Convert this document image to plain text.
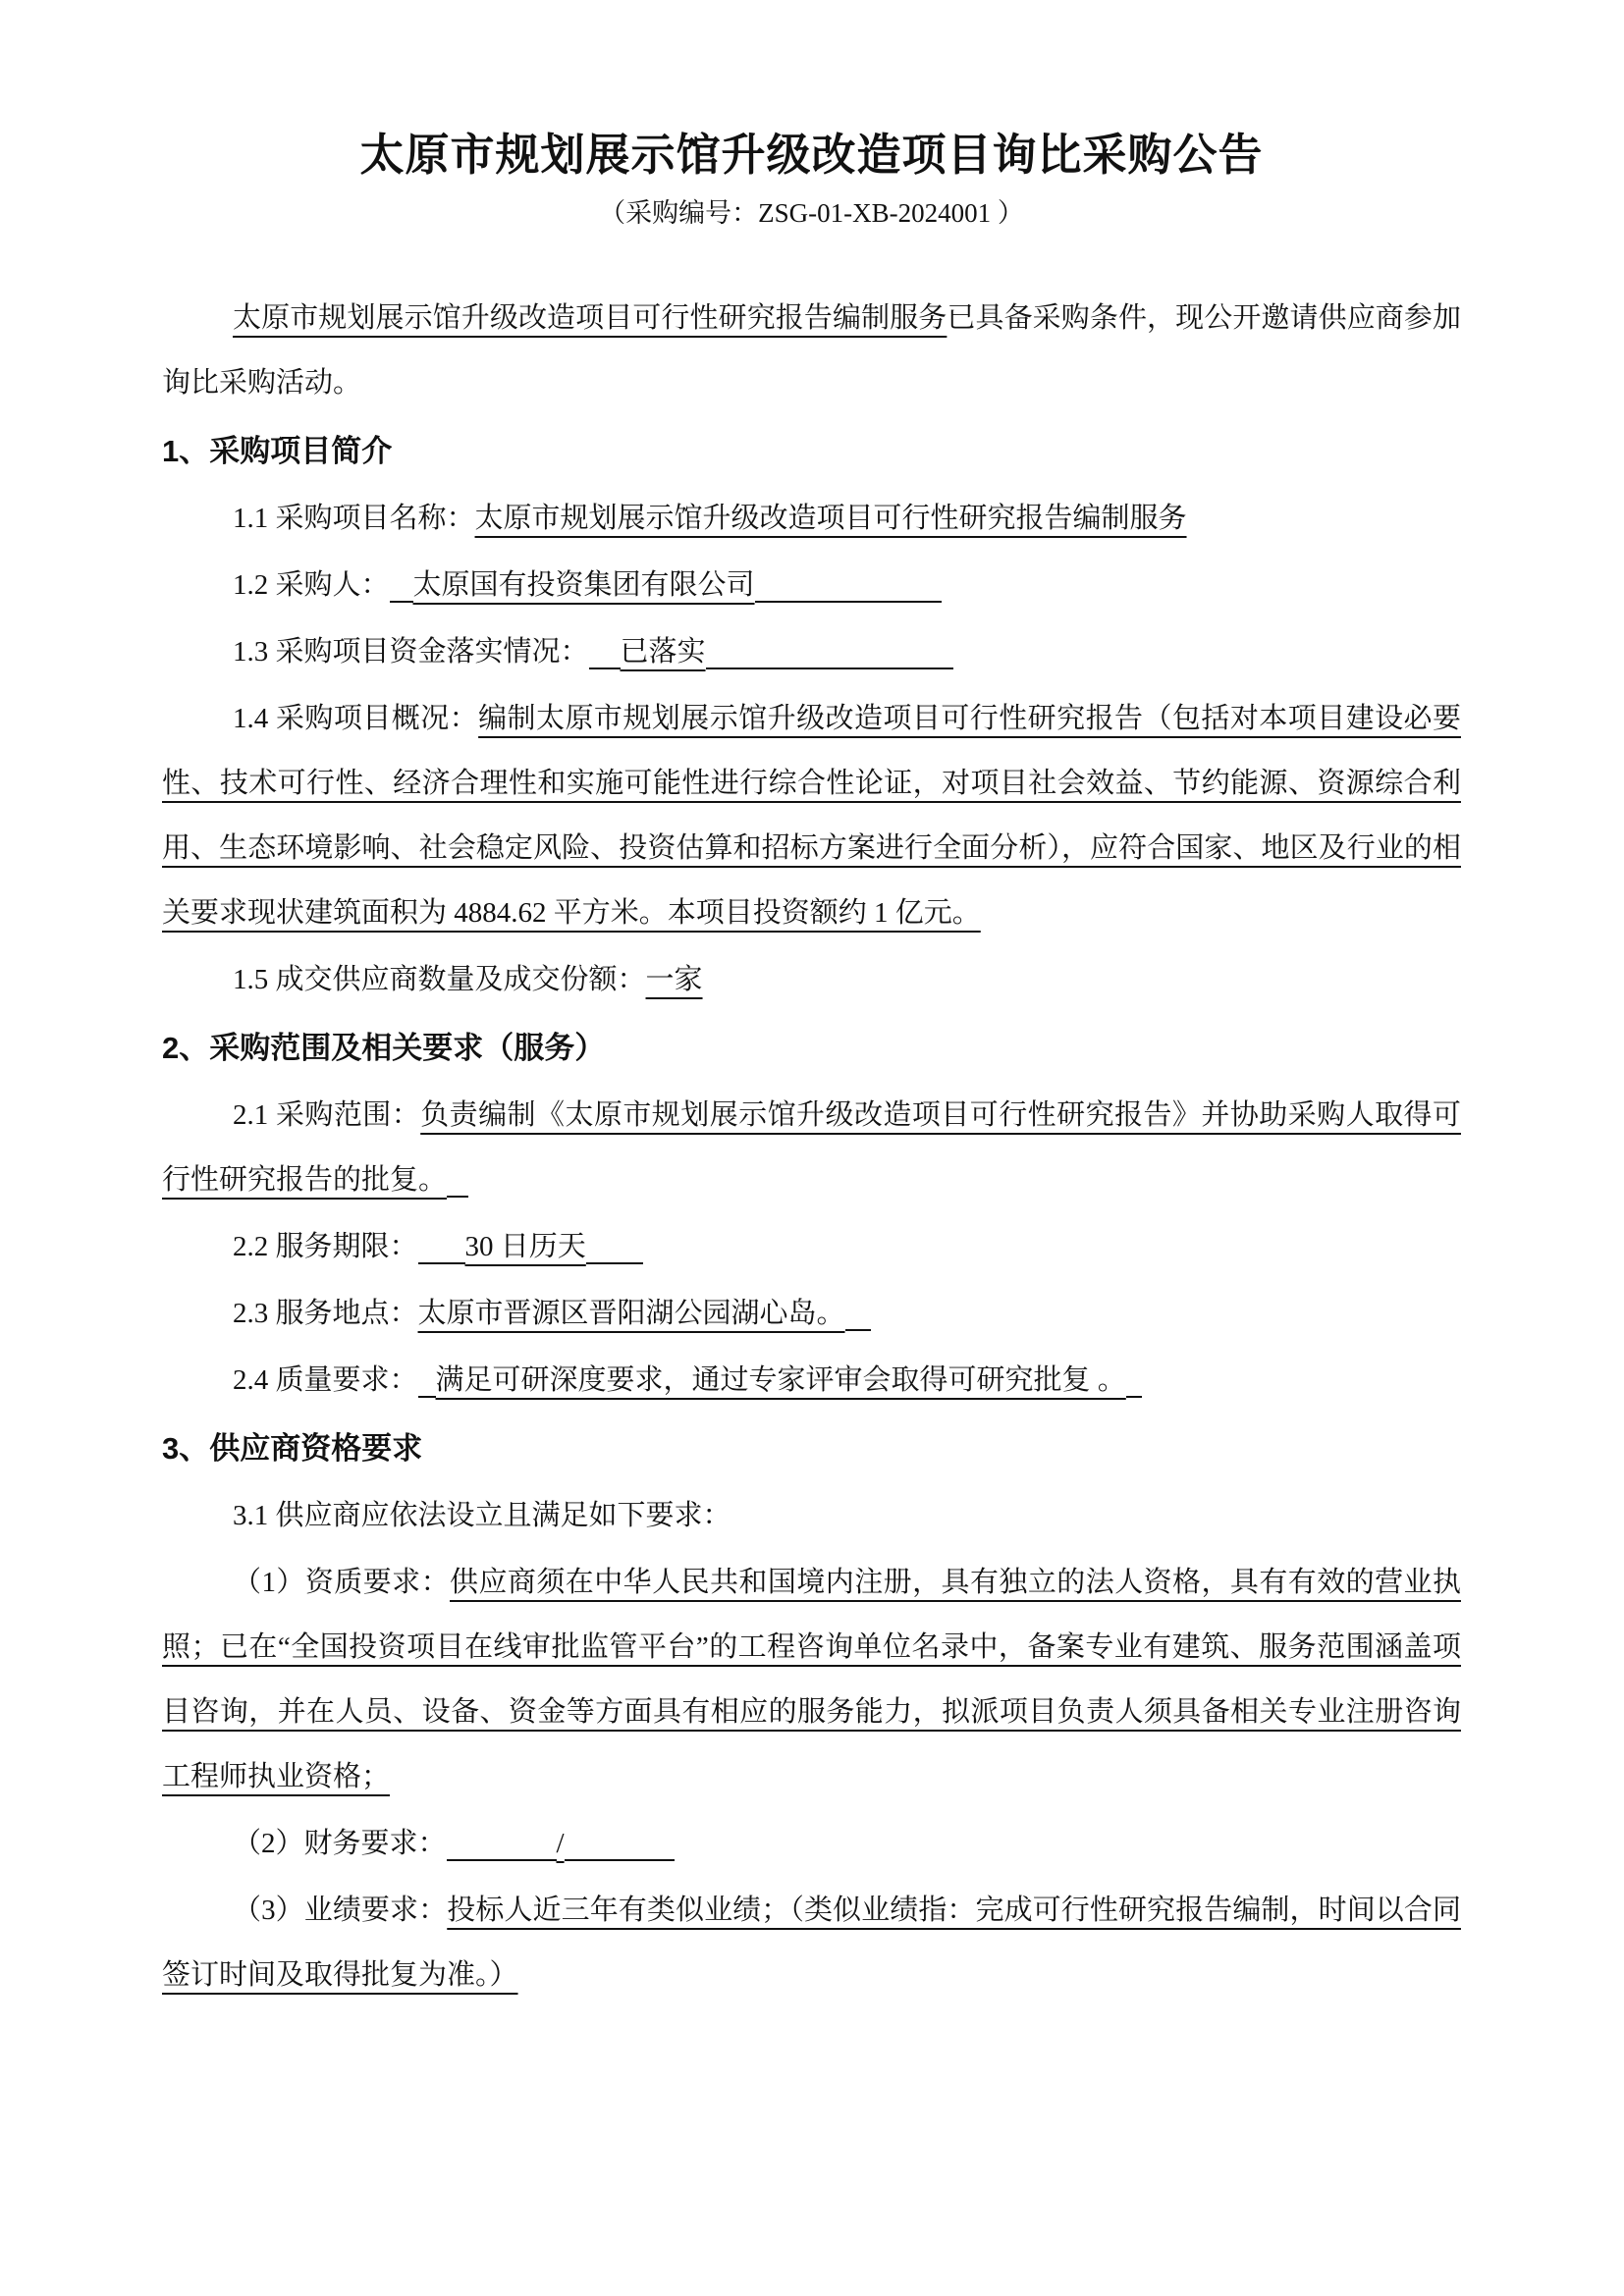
太原市规划展示馆升级改造项目询比采购公告
（采购编号：ZSG-01-XB-2024001 ）

太原市规划展示馆升级改造项目可行性研究报告编制服务已具备采购条件，现公开邀请供应商参加询比采购活动。

1、采购项目简介

1.1 采购项目名称：太原市规划展示馆升级改造项目可行性研究报告编制服务

1.2 采购人： 太原国有投资集团有限公司

1.3 采购项目资金落实情况： 已落实

1.4 采购项目概况：编制太原市规划展示馆升级改造项目可行性研究报告（包括对本项目建设必要性、技术可行性、经济合理性和实施可能性进行综合性论证，对项目社会效益、节约能源、资源综合利用、生态环境影响、社会稳定风险、投资估算和招标方案进行全面分析），应符合国家、地区及行业的相关要求现状建筑面积为 4884.62 平方米。本项目投资额约 1 亿元。

1.5 成交供应商数量及成交份额：一家

2、采购范围及相关要求（服务）

2.1 采购范围：负责编制《太原市规划展示馆升级改造项目可行性研究报告》并协助采购人取得可行性研究报告的批复。

2.2 服务期限： 30 日历天

2.3 服务地点：太原市晋源区晋阳湖公园湖心岛。

2.4 质量要求： 满足可研深度要求，通过专家评审会取得可研究批复 。

3、供应商资格要求

3.1 供应商应依法设立且满足如下要求：

（1）资质要求：供应商须在中华人民共和国境内注册，具有独立的法人资格，具有有效的营业执照；已在“全国投资项目在线审批监管平台”的工程咨询单位名录中，备案专业有建筑、服务范围涵盖项目咨询，并在人员、设备、资金等方面具有相应的服务能力，拟派项目负责人须具备相关专业注册咨询工程师执业资格；

（2）财务要求：	/

（3）业绩要求：投标人近三年有类似业绩；（类似业绩指：完成可行性研究报告编制，时间以合同签订时间及取得批复为准。）
